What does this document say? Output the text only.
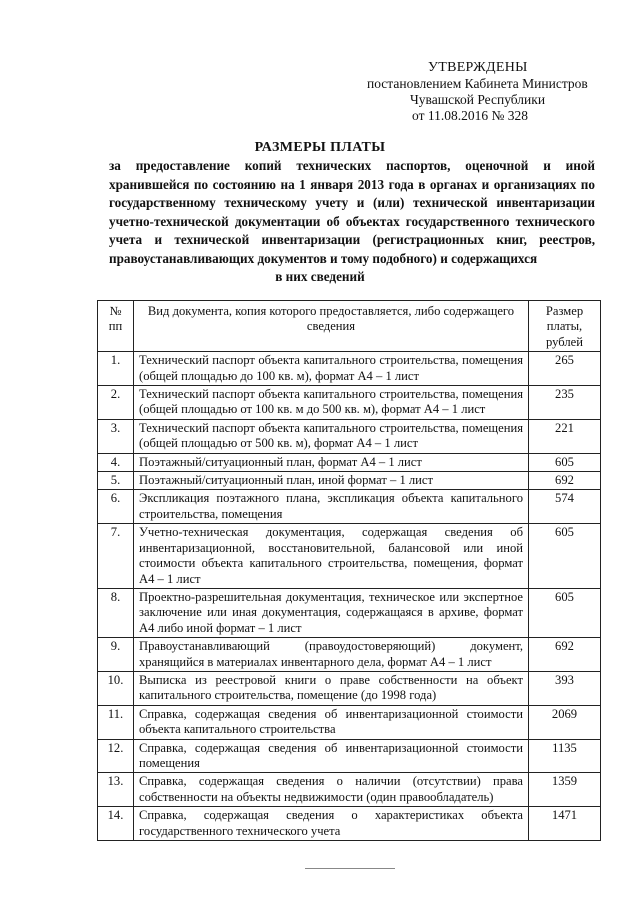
УТВЕРЖДЕНЫ
постановлением Кабинета Министров
Чувашской Республики
от 11.08.2016 № 328
РАЗМЕРЫ ПЛАТЫ
за предоставление копий технических паспортов, оценочной и иной хранившейся по состоянию на 1 января 2013 года в органах и организациях по государственному техническому учету и (или) технической инвентаризации учетно-технической документации об объектах государственного технического учета и технической инвентаризации (регистрационных книг, реестров, правоустанавливающих документов и тому подобного) и содержащихся
в них сведений
№ пп	Вид документа, копия которого предоставляется, либо содержащего сведения	Размер платы, рублей
1.	Технический паспорт объекта капитального строительства, помещения (общей площадью до 100 кв. м), формат А4 – 1 лист	265
2.	Технический паспорт объекта капитального строительства, помещения (общей площадью от 100 кв. м до 500 кв. м), формат А4 – 1 лист	235
3.	Технический паспорт объекта капитального строительства, помещения (общей площадью от 500 кв. м), формат А4 – 1 лист	221
4.	Поэтажный/ситуационный план, формат А4 – 1 лист	605
5.	Поэтажный/ситуационный план, иной формат – 1 лист	692
6.	Экспликация поэтажного плана, экспликация объекта капитального строительства, помещения	574
7.	Учетно-техническая документация, содержащая сведения об инвентаризационной, восстановительной, балансовой или иной стоимости объекта капитального строительства, помещения, формат А4 – 1 лист	605
8.	Проектно-разрешительная документация, техническое или экспертное заключение или иная документация, содержащаяся в архиве, формат А4 либо иной формат – 1 лист	605
9.	Правоустанавливающий (правоудостоверяющий) документ, хранящийся в материалах инвентарного дела, формат А4 – 1 лист	692
10.	Выписка из реестровой книги о праве собственности на объект капитального строительства, помещение (до 1998 года)	393
11.	Справка, содержащая сведения об инвентаризационной стоимости объекта капитального строительства	2069
12.	Справка, содержащая сведения об инвентаризационной стоимости помещения	1135
13.	Справка, содержащая сведения о наличии (отсутствии) права собственности на объекты недвижимости (один правообладатель)	1359
14.	Справка, содержащая сведения о характеристиках объекта государственного технического учета	1471
